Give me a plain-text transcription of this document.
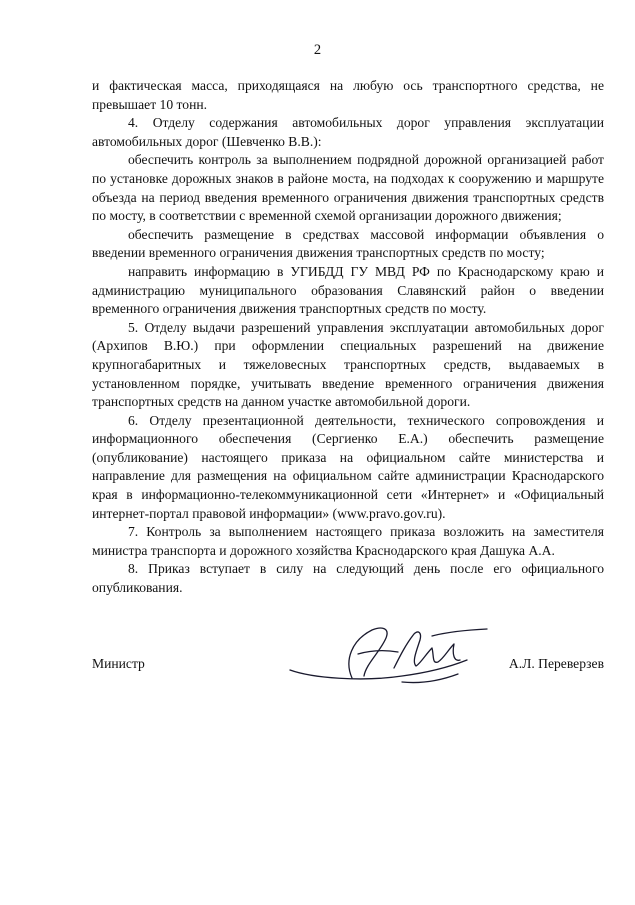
2

и фактическая масса, приходящаяся на любую ось транспортного средства, не превышает 10 тонн.

4. Отделу содержания автомобильных дорог управления эксплуатации автомобильных дорог (Шевченко В.В.):

обеспечить контроль за выполнением подрядной дорожной организацией работ по установке дорожных знаков в районе моста, на подходах к сооружению и маршруте объезда на период введения временного ограничения движения транспортных средств по мосту, в соответствии с временной схемой организации дорожного движения;

обеспечить размещение в средствах массовой информации объявления о введении временного ограничения движения транспортных средств по мосту;

направить информацию в УГИБДД ГУ МВД РФ по Краснодарскому краю и администрацию муниципального образования Славянский район о введении временного ограничения движения транспортных средств по мосту.

5. Отделу выдачи разрешений управления эксплуатации автомобильных дорог (Архипов В.Ю.) при оформлении специальных разрешений на движение крупногабаритных и тяжеловесных транспортных средств, выдаваемых в установленном порядке, учитывать введение временного ограничения движения транспортных средств на данном участке автомобильной дороги.

6. Отделу презентационной деятельности, технического сопровождения и информационного обеспечения (Сергиенко Е.А.) обеспечить размещение (опубликование) настоящего приказа на официальном сайте министерства и направление для размещения на официальном сайте администрации Краснодарского края в информационно-телекоммуникационной сети «Интернет» и «Официальный интернет-портал правовой информации» (www.pravo.gov.ru).

7. Контроль за выполнением настоящего приказа возложить на заместителя министра транспорта и дорожного хозяйства Краснодарского края Дашука А.А.

8. Приказ вступает в силу на следующий день после его официального опубликования.

Министр	А.Л. Переверзев
